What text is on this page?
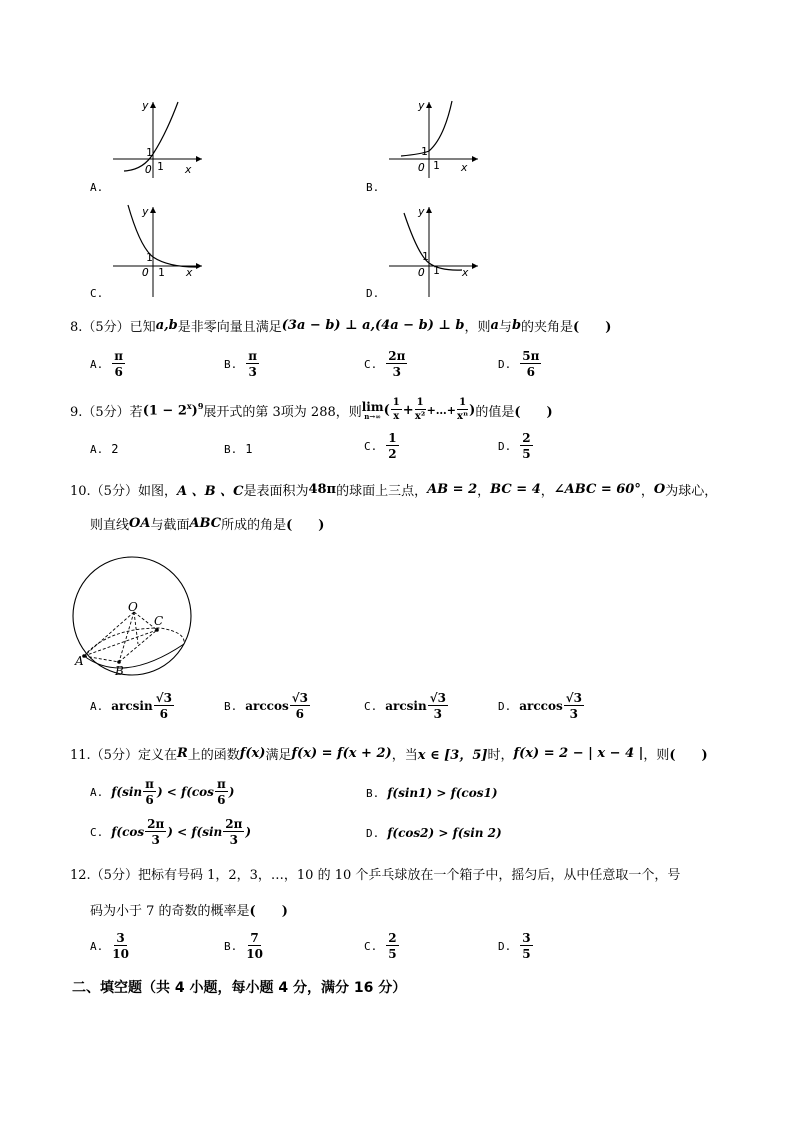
y
x
O 1
1
A.
y
x
O 1
1
B.
y
x
O 1
1
C.
y
x
O 1
1
D.
8.（5分）已知 a,b 是非零向量且满足 (3a − b) ⊥ a,(4a − b) ⊥ b ，则 a 与 b 的夹角是 (　　)
A. $\frac{\pi}{6}$	B. $\frac{\pi}{3}$	C. $\frac{2\pi}{3}$	D. $\frac{5\pi}{6}$
9.（5分）若 $(1 - 2^x)^9$ 展开式的第 3项为 288，则 lim
n→∞ ( $\frac{1}{x} + \frac{1}{\text{x²}}$ +…+ $\frac{1}{\text{xⁿ}}$ ) 的值是 (　　)
A. 2	B. 1	C. $\frac{1}{2}$	D. $\frac{2}{5}$
10.（5分）如图， A 、B 、C 是表面积为 48π 的球面上三点， AB = 2 ， BC = 4 ， ∠ABC = 60° ， O 为球心，
则直线 OA 与截面 ABC 所成的角是 (　　)
O
C
A
B
A. $\arcsin \frac{√3}{6}$	B. $\arccos \frac{√3}{6}$	C. $\arcsin \frac{√3}{3}$	D. $\arccos \frac{√3}{3}$
11.（5分）定义在 R 上的函数 f(x) 满足 f(x) = f(x + 2) ，当 x ∈ [3，5] 时， f(x) = 2 − | x − 4 | ，则 (　　)
A. $f(\sin \frac{\pi}{6}$ ) < $f(\cos \frac{\pi}{6}$ )	B. f(sin1) > f(cos1)
C. $f(\cos \frac{2\pi}{3}$ ) < $f(\sin \frac{2\pi}{3}$ )	D. f(cos2) > f(sin 2)
12.（5分）把标有号码 1，2，3，…，10 的 10 个乒乓球放在一个箱子中，摇匀后，从中任意取一个，号
码为小于 7 的奇数的概率是 (　　)
A. $\frac{3}{10}$	B. $\frac{7}{10}$	C. $\frac{2}{5}$	D. $\frac{3}{5}$
二、填空题（共 4 小题，每小题 4 分，满分 16 分）
